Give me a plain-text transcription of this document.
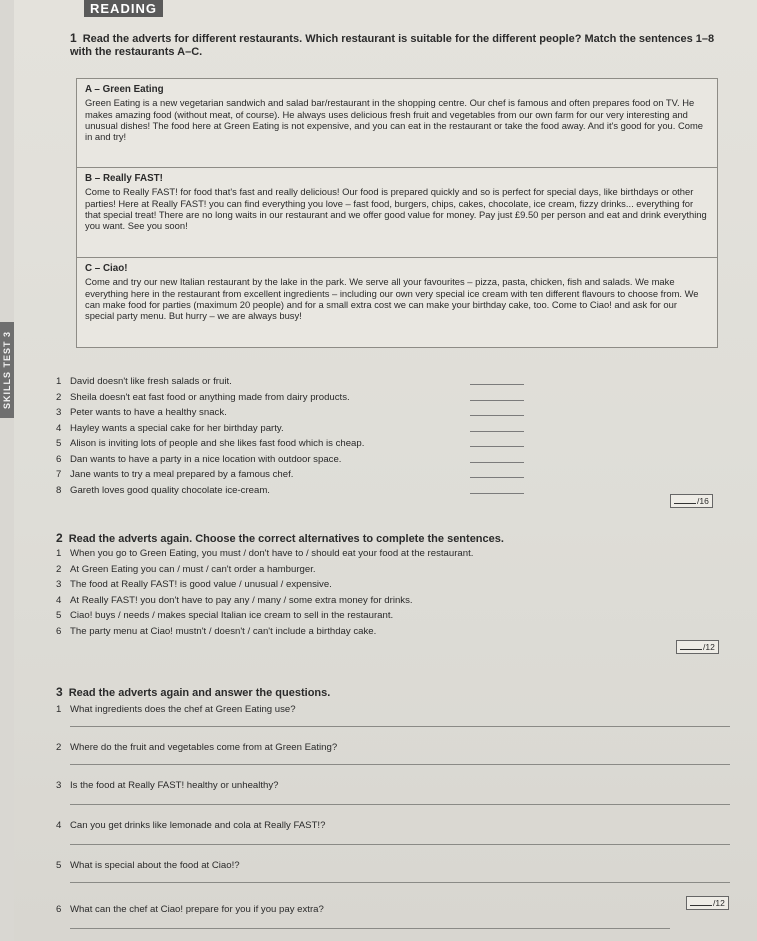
SKILLS TEST 3
READING
1 Read the adverts for different restaurants. Which restaurant is suitable for the different people? Match the sentences 1–8 with the restaurants A–C.
A – Green Eating
Green Eating is a new vegetarian sandwich and salad bar/restaurant in the shopping centre. Our chef is famous and often prepares food on TV. He makes amazing food (without meat, of course). He always uses delicious fresh fruit and vegetables from our own farm for our very interesting and unusual dishes! The food here at Green Eating is not expensive, and you can eat in the restaurant or take the food away. And it's good for you. Come in and try!
B – Really FAST!
Come to Really FAST! for food that's fast and really delicious! Our food is prepared quickly and so is perfect for special days, like birthdays or other parties! Here at Really FAST! you can find everything you love – fast food, burgers, chips, cakes, chocolate, ice cream, fizzy drinks... everything for that special treat! There are no long waits in our restaurant and we offer good value for money. Pay just £9.50 per person and eat and drink everything you want. See you soon!
C – Ciao!
Come and try our new Italian restaurant by the lake in the park. We serve all your favourites – pizza, pasta, chicken, fish and salads. We make everything here in the restaurant from excellent ingredients – including our own very special ice cream with ten different flavours to choose from. We can make food for parties (maximum 20 people) and for a small extra cost we can make your birthday cake, too. Come to Ciao! and ask for our special party menu. But hurry – we are always busy!
1 David doesn't like fresh salads or fruit.
2 Sheila doesn't eat fast food or anything made from dairy products.
3 Peter wants to have a healthy snack.
4 Hayley wants a special cake for her birthday party.
5 Alison is inviting lots of people and she likes fast food which is cheap.
6 Dan wants to have a party in a nice location with outdoor space.
7 Jane wants to try a meal prepared by a famous chef.
8 Gareth loves good quality chocolate ice-cream.
/16
2 Read the adverts again. Choose the correct alternatives to complete the sentences.
1 When you go to Green Eating, you must / don't have to / should eat your food at the restaurant.
2 At Green Eating you can / must / can't order a hamburger.
3 The food at Really FAST! is good value / unusual / expensive.
4 At Really FAST! you don't have to pay any / many / some extra money for drinks.
5 Ciao! buys / needs / makes special Italian ice cream to sell in the restaurant.
6 The party menu at Ciao! mustn't / doesn't / can't include a birthday cake.
/12
3 Read the adverts again and answer the questions.
1 What ingredients does the chef at Green Eating use?
2 Where do the fruit and vegetables come from at Green Eating?
3 Is the food at Really FAST! healthy or unhealthy?
4 Can you get drinks like lemonade and cola at Really FAST!?
5 What is special about the food at Ciao!?
6 What can the chef at Ciao! prepare for you if you pay extra?
/12
